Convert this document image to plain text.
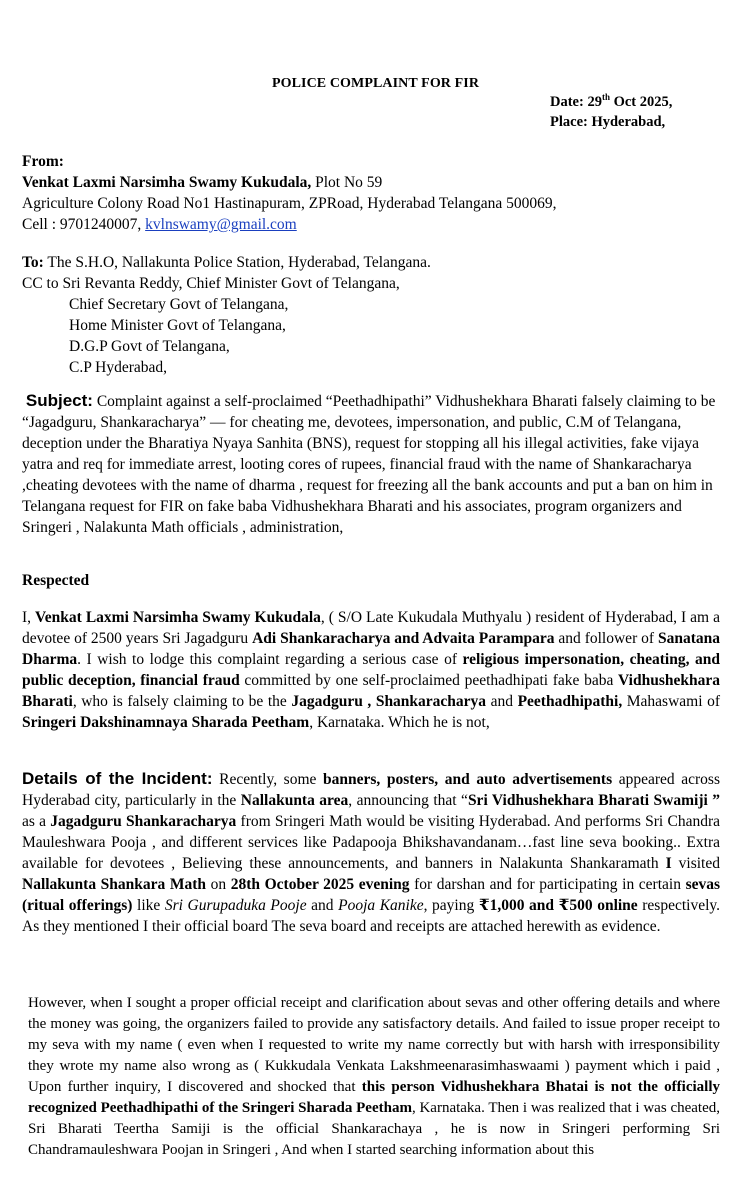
POLICE COMPLAINT FOR FIR
Date: 29th Oct 2025,
Place: Hyderabad,
From:
Venkat Laxmi Narsimha Swamy Kukudala, Plot No 59
Agriculture Colony Road No1 Hastinapuram, ZPRoad, Hyderabad Telangana 500069,
Cell : 9701240007, kvlnswamy@gmail.com
To: The S.H.O, Nallakunta Police Station, Hyderabad, Telangana.
CC to Sri Revanta Reddy, Chief Minister Govt of Telangana,
Chief Secretary Govt of Telangana,
Home Minister Govt of Telangana,
D.G.P Govt of Telangana,
C.P Hyderabad,
Subject: Complaint against a self-proclaimed “Peethadhipathi” Vidhushekhara Bharati falsely claiming to be “Jagadguru, Shankaracharya” — for cheating me, devotees, impersonation, and public, C.M of Telangana, deception under the Bharatiya Nyaya Sanhita (BNS), request for stopping all his illegal activities, fake vijaya yatra and req for immediate arrest, looting cores of rupees, financial fraud with the name of Shankaracharya ,cheating devotees with the name of dharma , request for freezing all the bank accounts and put a ban on him in Telangana request for FIR on fake baba Vidhushekhara Bharati and his associates, program organizers and Sringeri , Nalakunta Math officials , administration,
Respected
I, Venkat Laxmi Narsimha Swamy Kukudala, ( S/O Late Kukudala Muthyalu ) resident of Hyderabad, I am a devotee of 2500 years Sri Jagadguru Adi Shankaracharya and Advaita Parampara and follower of Sanatana Dharma. I wish to lodge this complaint regarding a serious case of religious impersonation, cheating, and public deception, financial fraud committed by one self-proclaimed peethadhipati fake baba Vidhushekhara Bharati, who is falsely claiming to be the Jagadguru , Shankaracharya and Peethadhipathi, Mahaswami of Sringeri Dakshinamnaya Sharada Peetham, Karnataka. Which he is not,
Details of the Incident: Recently, some banners, posters, and auto advertisements appeared across Hyderabad city, particularly in the Nallakunta area, announcing that “Sri Vidhushekhara Bharati Swamiji ” as a Jagadguru Shankaracharya from Sringeri Math would be visiting Hyderabad. And performs Sri Chandra Mauleshwara Pooja , and different services like Padapooja Bhikshavandanam…fast line seva booking.. Extra available for devotees , Believing these announcements, and banners in Nalakunta Shankaramath I visited Nallakunta Shankara Math on 28th October 2025 evening for darshan and for participating in certain sevas (ritual offerings) like Sri Gurupaduka Pooje and Pooja Kanike, paying ₹1,000 and ₹500 online respectively. As they mentioned I their official board The seva board and receipts are attached herewith as evidence.
However, when I sought a proper official receipt and clarification about sevas and other offering details and where the money was going, the organizers failed to provide any satisfactory details. And failed to issue proper receipt to my seva with my name ( even when I requested to write my name correctly but with harsh with irresponsibility they wrote my name also wrong as ( Kukkudala Venkata Lakshmeenarasimhaswaami ) payment which i paid , Upon further inquiry, I discovered and shocked that this person Vidhushekhara Bhatai is not the officially recognized Peethadhipathi of the Sringeri Sharada Peetham, Karnataka. Then i was realized that i was cheated, Sri Bharati Teertha Samiji is the official Shankarachaya , he is now in Sringeri performing Sri Chandramauleshwara Poojan in Sringeri , And when I started searching information about this
